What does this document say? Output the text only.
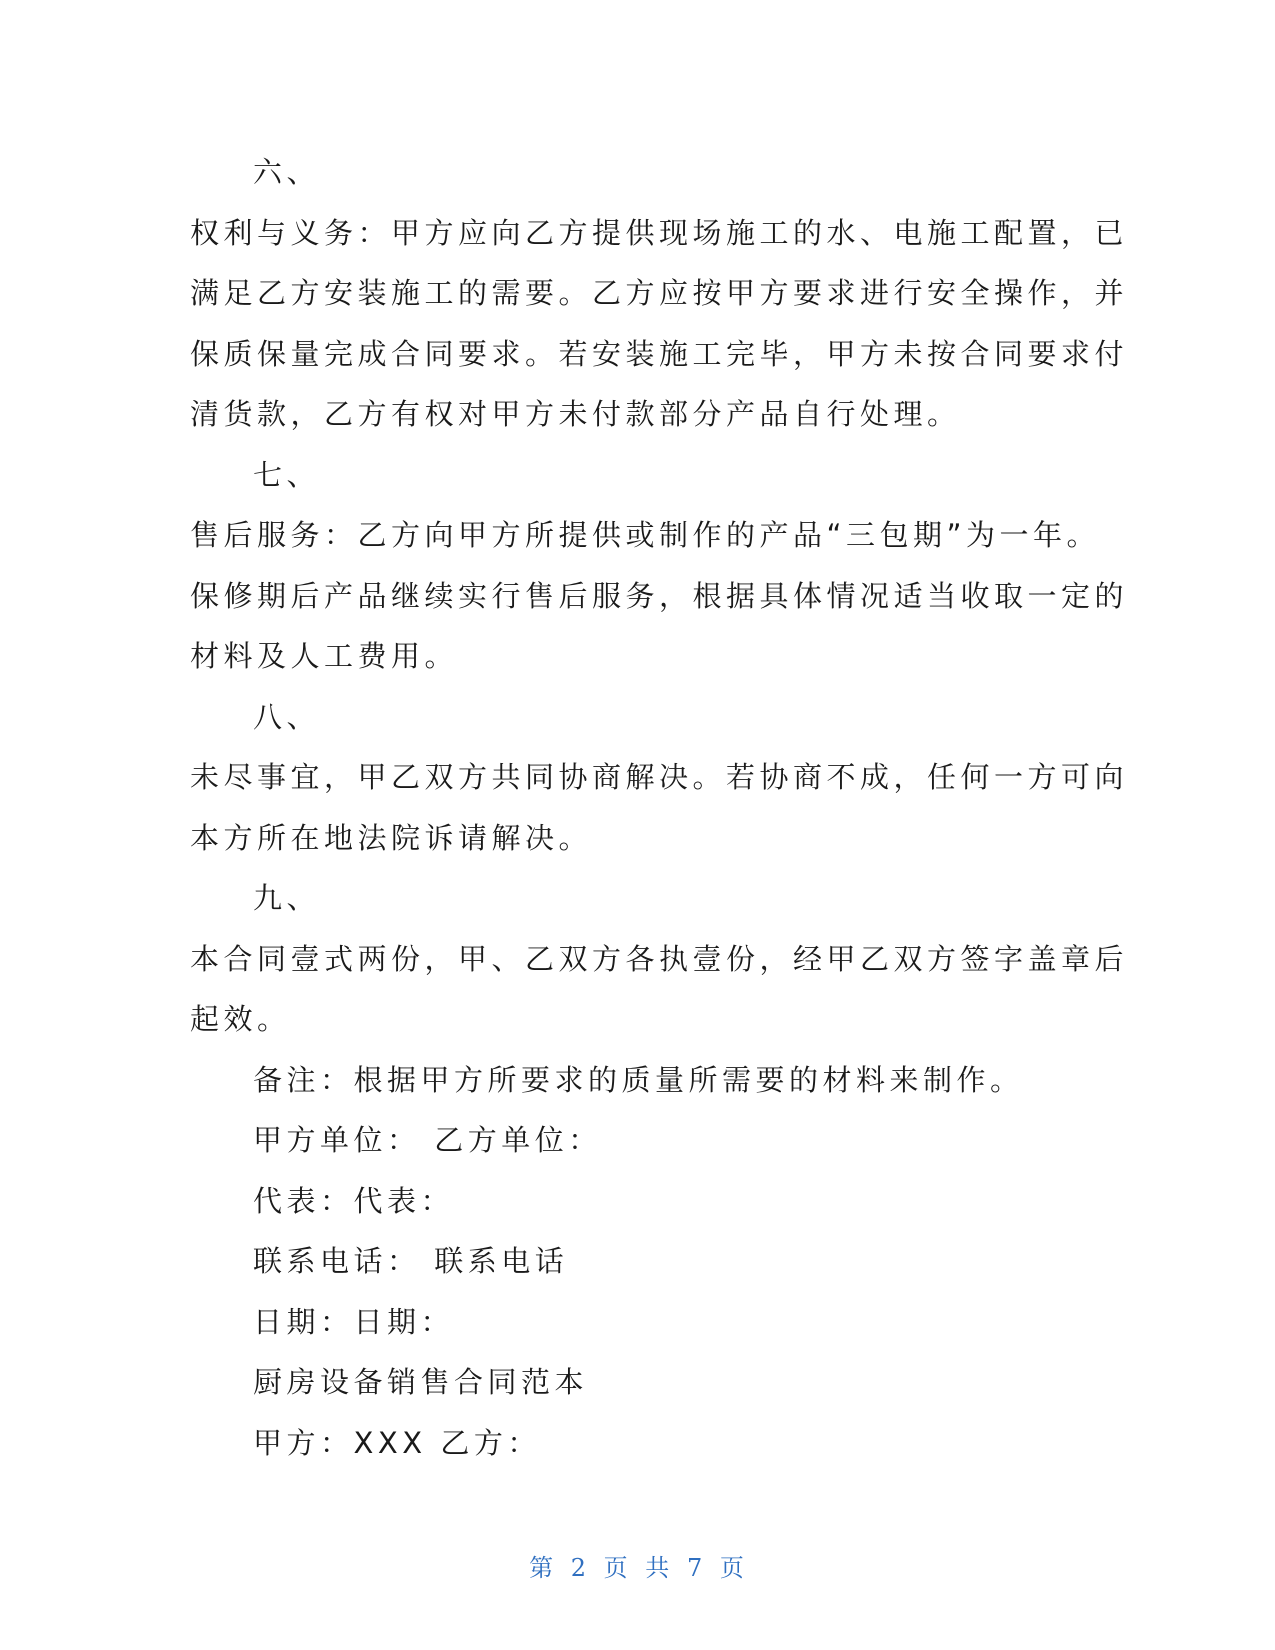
六、
权利与义务：甲方应向乙方提供现场施工的水、电施工配置，已
满足乙方安装施工的需要。乙方应按甲方要求进行安全操作，并
保质保量完成合同要求。若安装施工完毕，甲方未按合同要求付
清货款，乙方有权对甲方未付款部分产品自行处理。
七、
售后服务：乙方向甲方所提供或制作的产品“三包期”为一年。
保修期后产品继续实行售后服务，根据具体情况适当收取一定的
材料及人工费用。
八、
未尽事宜，甲乙双方共同协商解决。若协商不成，任何一方可向
本方所在地法院诉请解决。
九、
本合同壹式两份，甲、乙双方各执壹份，经甲乙双方签字盖章后
起效。
备注：根据甲方所要求的质量所需要的材料来制作。
甲方单位： 乙方单位：
代表：代表：
联系电话： 联系电话
日期：日期：
厨房设备销售合同范本
甲方：XXX 乙方：
第 2 页 共 7 页
